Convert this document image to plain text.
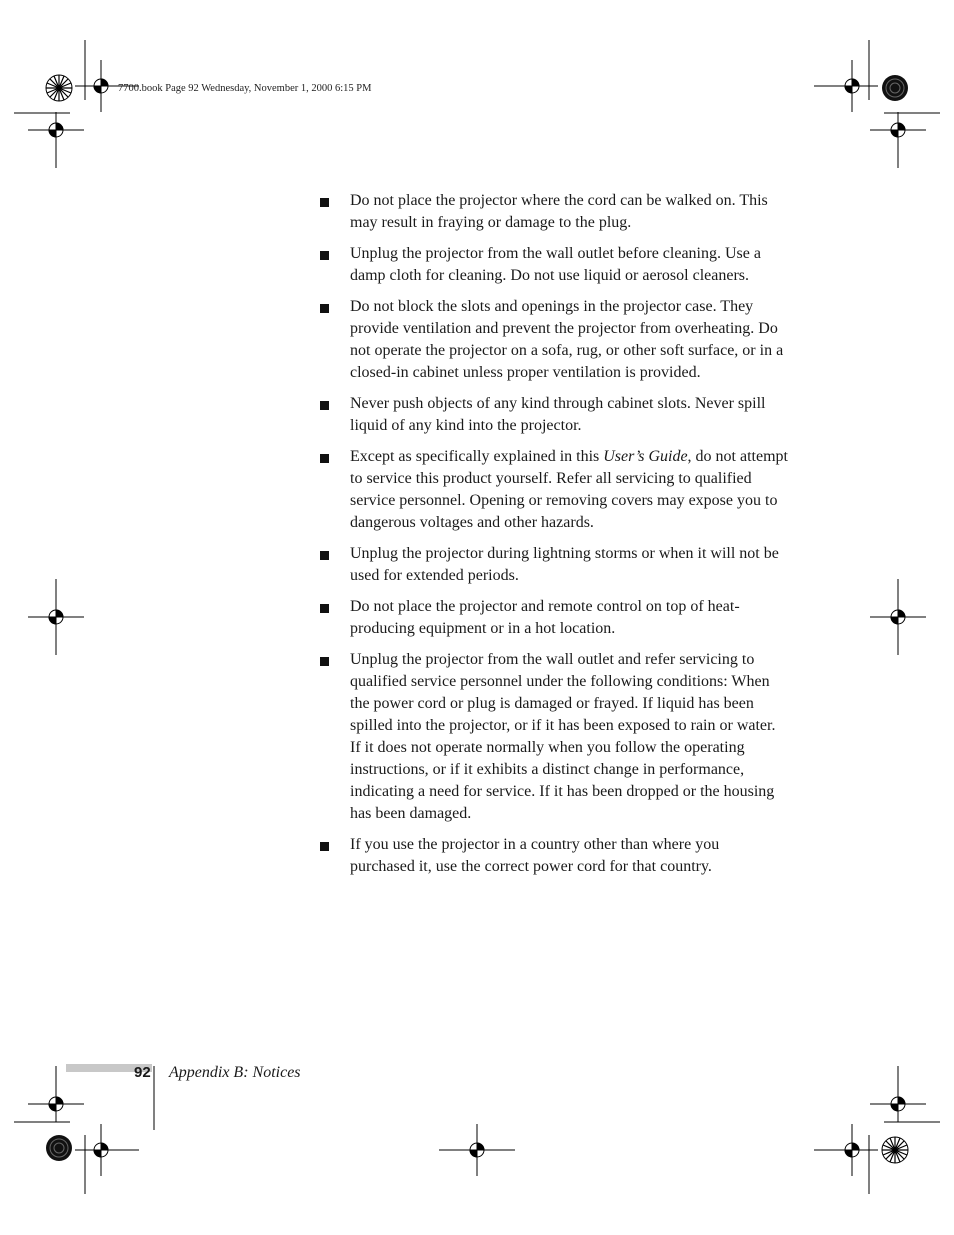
7700.book Page 92 Wednesday, November 1, 2000 6:15 PM

Do not place the projector where the cord can be walked on. This may result in fraying or damage to the plug.

Unplug the projector from the wall outlet before cleaning. Use a damp cloth for cleaning. Do not use liquid or aerosol cleaners.

Do not block the slots and openings in the projector case. They provide ventilation and prevent the projector from overheating. Do not operate the projector on a sofa, rug, or other soft surface, or in a closed-in cabinet unless proper ventilation is provided.

Never push objects of any kind through cabinet slots. Never spill liquid of any kind into the projector.

Except as specifically explained in this User’s Guide, do not attempt to service this product yourself. Refer all servicing to qualified service personnel. Opening or removing covers may expose you to dangerous voltages and other hazards.

Unplug the projector during lightning storms or when it will not be used for extended periods.

Do not place the projector and remote control on top of heat-producing equipment or in a hot location.

Unplug the projector from the wall outlet and refer servicing to qualified service personnel under the following conditions: When the power cord or plug is damaged or frayed. If liquid has been spilled into the projector, or if it has been exposed to rain or water. If it does not operate normally when you follow the operating instructions, or if it exhibits a distinct change in performance, indicating a need for service. If it has been dropped or the housing has been damaged.

If you use the projector in a country other than where you purchased it, use the correct power cord for that country.

92 Appendix B: Notices
